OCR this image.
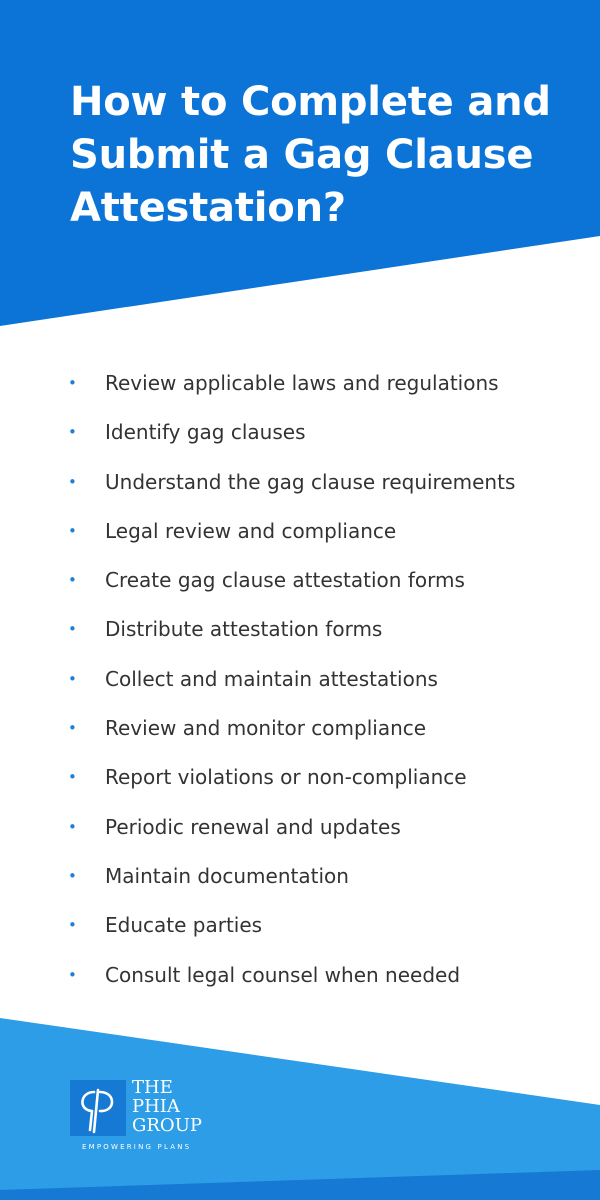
How to Complete and Submit a Gag Clause Attestation?
• Review applicable laws and regulations
• Identify gag clauses
• Understand the gag clause requirements
• Legal review and compliance
• Create gag clause attestation forms
• Distribute attestation forms
• Collect and maintain attestations
• Review and monitor compliance
• Report violations or non-compliance
• Periodic renewal and updates
• Maintain documentation
• Educate parties
• Consult legal counsel when needed
THE
PHIA
GROUP
EMPOWERING PLANS
